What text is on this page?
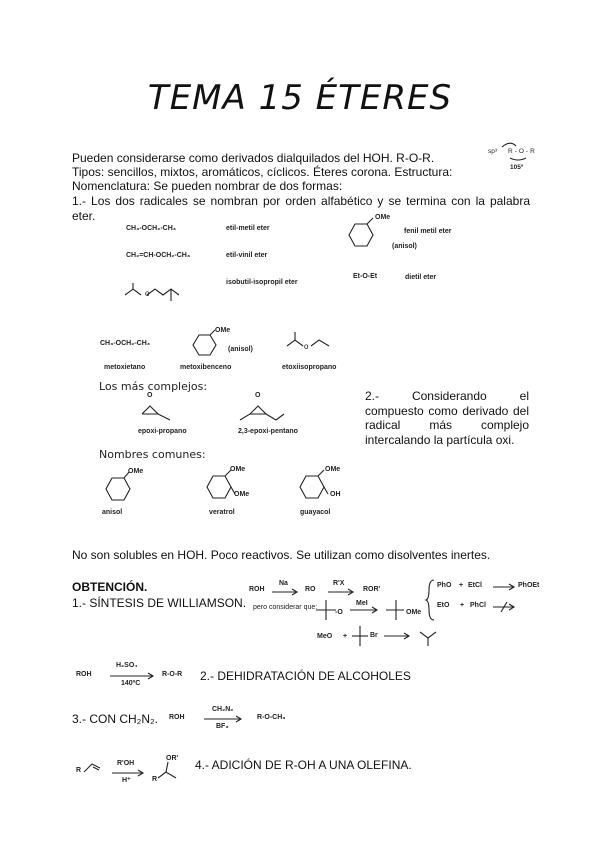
TEMA 15 ÉTERES
Pueden considerarse como derivados dialquilados del HOH. R-O-R.
Tipos: sencillos, mixtos, aromáticos, cíclicos. Éteres corona. Estructura:
Nomenclatura: Se pueden nombrar de dos formas:
1.- Los dos radicales se nombran por orden alfabético y se termina con la palabra eter.
sp³ R-O-R
105º
CH₃-OCH₂-CH₃	etil-metil eter
CH₂=CH-OCH₂-CH₃	etil-vinil eter
o
isobutil-isopropil eter
OMe
fenil metil eter
(anisol)
Et-O-Et	dietil eter
CH₃-OCH₂-CH₃
metoxietano
OMe
(anisol)
metoxibenceno
o
etoxiisopropano
Los más complejos:
O
epoxi-propano
O
2,3-epoxi-pentano
2.- Considerando el compuesto como derivado del radical más complejo intercalando la partícula oxi.
Nombres comunes:
OMe
anisol
OMe
OMe
veratrol
OMe
OH
guayacol
No son solubles en HOH. Poco reactivos. Se utilizan como disolventes inertes.
OBTENCIÓN.
1.- SÍNTESIS DE WILLIAMSON.
ROH
Na
RO
R'X
ROR'
pero considerar que:
-O
MeI
OMe
MeO +	Br
PhO + EtCl	PhOEt
EtO + PhCl
ROH
H₂SO₄
140ºC
R-O-R 2.- DEHIDRATACIÓN DE ALCOHOLES
3.- CON CH₂N₂. ROH
CH₂N₂
BF₃
R-O-CH₃
R
R'OH
H⁺	R
OR' 4.- ADICIÓN DE R-OH A UNA OLEFINA.
